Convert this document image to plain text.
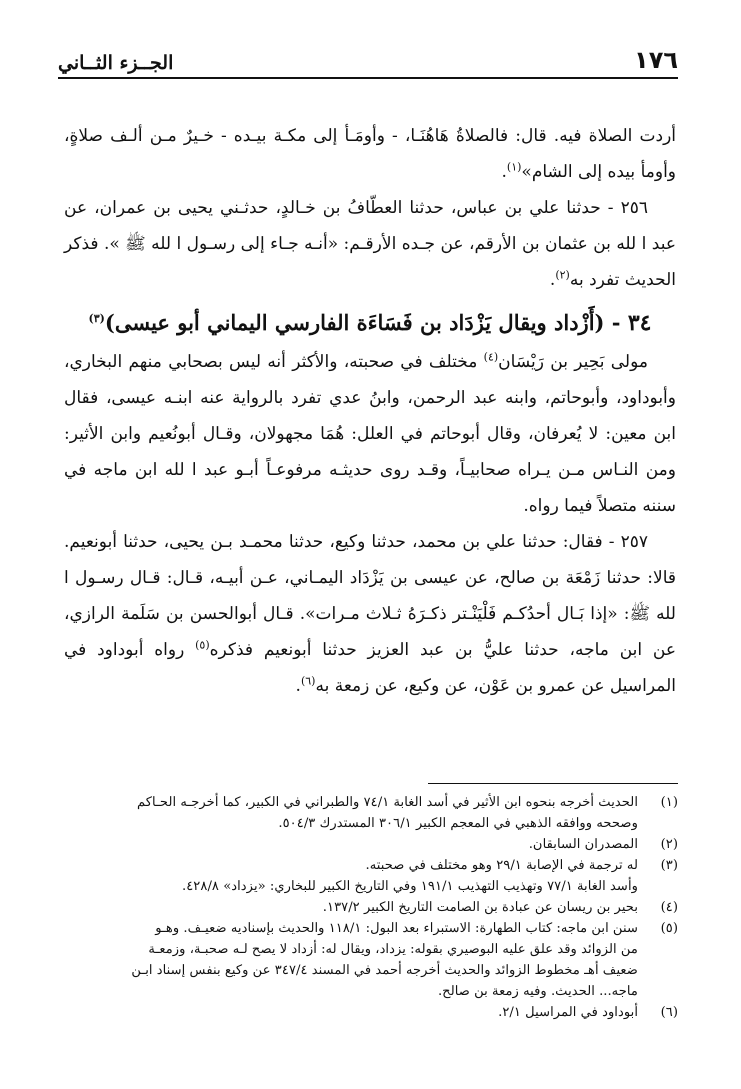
١٧٦
الجــزء الثــاني

أردت الصلاة فيه. قال: فالصلاةُ هَاهُنَـا، - وأومَـأ إلى مكـة بيـده - خـيرٌ مـن ألـف صلاةٍ، وأومأ بيده إلى الشام»$^{(١)}$.

٢٥٦ - حدثنا علي بن عباس، حدثنا العطّافُ بن خـالدٍ، حدثـني يحيى بن عمران، عن عبد ا لله بن عثمان بن الأرقم، عن جـده الأرقـم: «أنـه جـاء إلى رسـول ا لله ﷺ ». فذكر الحديث تفرد به$^{(٢)}$.

٣٤ - (أَزْداد ويقال يَزْدَاد بن فَسَاءَة الفارسي اليماني أبو عيسى)$^{(٣)}$

مولى بَحِير بن رَيْسَان$^{(٤)}$ مختلف في صحبته، والأكثر أنه ليس بصحابي منهم البخاري، وأبوداود، وأبوحاتم، وابنه عبد الرحمن، وابنُ عدي تفرد بالرواية عنه ابنـه عيسى، فقال ابن معين: لا يُعرفان، وقال أبوحاتم في العلل: هُمَا مجهولان، وقـال أبونُعيم وابن الأثير: ومن النـاس مـن يـراه صحابيـاً، وقـد روى حديثـه مرفوعـاً أبـو عبد ا لله ابن ماجه في سننه متصلاً فيما رواه.

٢٥٧ - فقال: حدثنا علي بن محمد، حدثنا وكيع، حدثنا محمـد بـن يحيى، حدثنا أبونعيم. قالا: حدثنا زَمْعَة بن صالح، عن عيسى بن يَزْدَاد اليمـاني، عـن أبيـه، قـال: قـال رسـول ا لله ﷺ: «إذا بَـال أحدُكـم فَلْيَنْـتر ذكـرَهُ ثـلاث مـرات». قـال أبوالحسن بن سَلَمة الرازي، عن ابن ماجه، حدثنا عليُّ بن عبد العزيز حدثنا أبونعيم فذكره$^{(٥)}$ رواه أبوداود في المراسيل عن عمرو بن عَوْن، عن وكيع، عن زمعة به$^{(٦)}$.

(١)
الحديث أخرجه بنحوه ابن الأثير في أسد الغابة ٧٤/١ والطبراني في الكبير، كما أخرجـه الحـاكم
وصححه ووافقه الذهبي في المعجم الكبير ٣٠٦/١ المستدرك ٥٠٤/٣.
(٢)
المصدران السابقان.
(٣)
له ترجمة في الإصابة ٢٩/١ وهو مختلف في صحبته.
وأسد الغابة ٧٧/١ وتهذيب التهذيب ١٩١/١ وفي التاريخ الكبير للبخاري: «يزداد» ٤٢٨/٨.
(٤)
بحير بن ريسان عن عبادة بن الصامت التاريخ الكبير ١٣٧/٢.
(٥)
سنن ابن ماجه: كتاب الطهارة: الاستبراء بعد البول: ١١٨/١ والحديث بإسناديه ضعيـف. وهـو
من الزوائد وقد علق عليه البوصيري بقوله: يزداد، ويقال له: أزداد لا يصح لـه صحبـة، وزمعـة
ضعيف أهـ مخطوط الزوائد والحديث أخرجه أحمد في المسند ٣٤٧/٤ عن وكيع بنفس إسناد ابـن
ماجه... الحديث. وفيه زمعة بن صالح.
(٦)
أبوداود في المراسيل ٢/١.
